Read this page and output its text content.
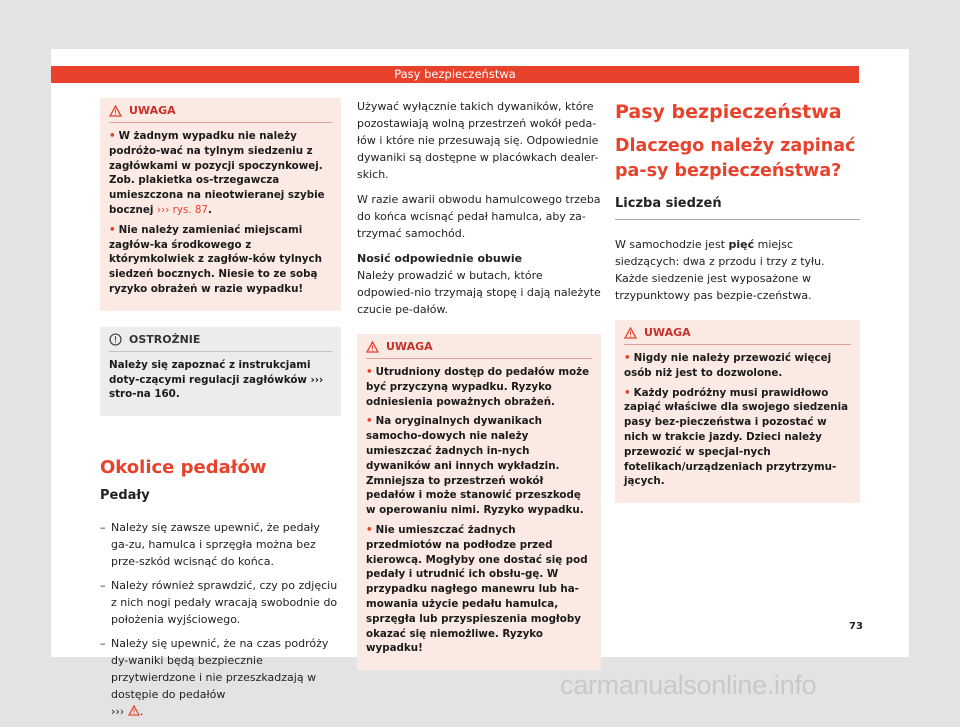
Pasy bezpieczeństwa
UWAGA

• W żadnym wypadku nie należy podróżo-wać na tylnym siedzeniu z zagłówkami w pozycji spoczynkowej. Zob. plakietka os-trzegawcza umieszczona na nieotwieranej szybie bocznej ››› rys. 87.

• Nie należy zamieniać miejscami zagłów-ka środkowego z którymkolwiek z zagłów-ków tylnych siedzeń bocznych. Niesie to ze sobą ryzyko obrażeń w razie wypadku!

OSTROŻNIE

Należy się zapoznać z instrukcjami doty-czącymi regulacji zagłówków ››› stro-na 160.

Okolice pedałów
Pedały
– Należy się zawsze upewnić, że pedały ga-zu, hamulca i sprzęgła można bez prze-szkód wcisnąć do końca.
– Należy również sprawdzić, czy po zdjęciu z nich nogi pedały wracają swobodnie do położenia wyjściowego.
– Należy się upewnić, że na czas podróży dy-waniki będą bezpiecznie przytwierdzone i nie przeszkadzają w dostępie do pedałów
››› .

Używać wyłącznie takich dywaników, które pozostawiają wolną przestrzeń wokół peda-łów i które nie przesuwają się. Odpowiednie dywaniki są dostępne w placówkach dealer-skich.

W razie awarii obwodu hamulcowego trzeba do końca wcisnąć pedał hamulca, aby za-trzymać samochód.

Nosić odpowiednie obuwie

Należy prowadzić w butach, które odpowied-nio trzymają stopę i dają należyte czucie pe-dałów.

UWAGA

• Utrudniony dostęp do pedałów może być przyczyną wypadku. Ryzyko odniesienia poważnych obrażeń.

• Na oryginalnych dywanikach samocho-dowych nie należy umieszczać żadnych in-nych dywaników ani innych wykładzin. Zmniejsza to przestrzeń wokół pedałów i może stanowić przeszkodę w operowaniu nimi. Ryzyko wypadku.

• Nie umieszczać żadnych przedmiotów na podłodze przed kierowcą. Mogłyby one dostać się pod pedały i utrudnić ich obsłu-gę. W przypadku nagłego manewru lub ha-mowania użycie pedału hamulca, sprzęgła lub przyspieszenia mogłoby okazać się niemożliwe. Ryzyko wypadku!

Pasy bezpieczeństwa
Dlaczego należy zapinać pa-sy bezpieczeństwa?
Liczba siedzeń

W samochodzie jest pięć miejsc siedzących: dwa z przodu i trzy z tyłu. Każde siedzenie jest wyposażone w trzypunktowy pas bezpie-czeństwa.

UWAGA

• Nigdy nie należy przewozić więcej osób niż jest to dozwolone.

• Każdy podróżny musi prawidłowo zapiąć właściwe dla swojego siedzenia pasy bez-pieczeństwa i pozostać w nich w trakcie jazdy. Dzieci należy przewozić w specjal-nych fotelikach/urządzeniach przytrzymu-jących.

73
carmanualsonline.info
